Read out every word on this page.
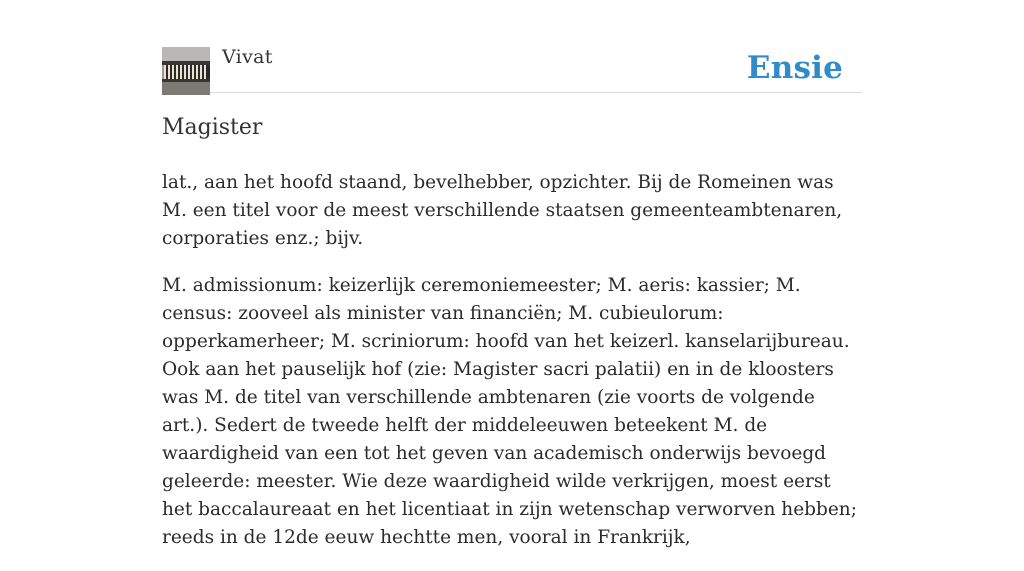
Vivat	Ensie
Magister

lat., aan het hoofd staand, bevelhebber, opzichter. Bij de Romeinen was M. een titel voor de meest verschillende staatsen gemeenteambtenaren, corporaties enz.; bijv.

M. admissionum: keizerlijk ceremoniemeester; M. aeris: kassier; M. census: zooveel als minister van financiën; M. cubieulorum: opperkamerheer; M. scriniorum: hoofd van het keizerl. kanselarijbureau. Ook aan het pauselijk hof (zie: Magister sacri palatii) en in de kloosters was M. de titel van verschillende ambtenaren (zie voorts de volgende art.). Sedert de tweede helft der middeleeuwen beteekent M. de waardigheid van een tot het geven van academisch onderwijs bevoegd geleerde: meester. Wie deze waardigheid wilde verkrijgen, moest eerst het baccalaureaat en het licentiaat in zijn wetenschap verworven hebben; reeds in de 12de eeuw hechtte men, vooral in Frankrijk,
